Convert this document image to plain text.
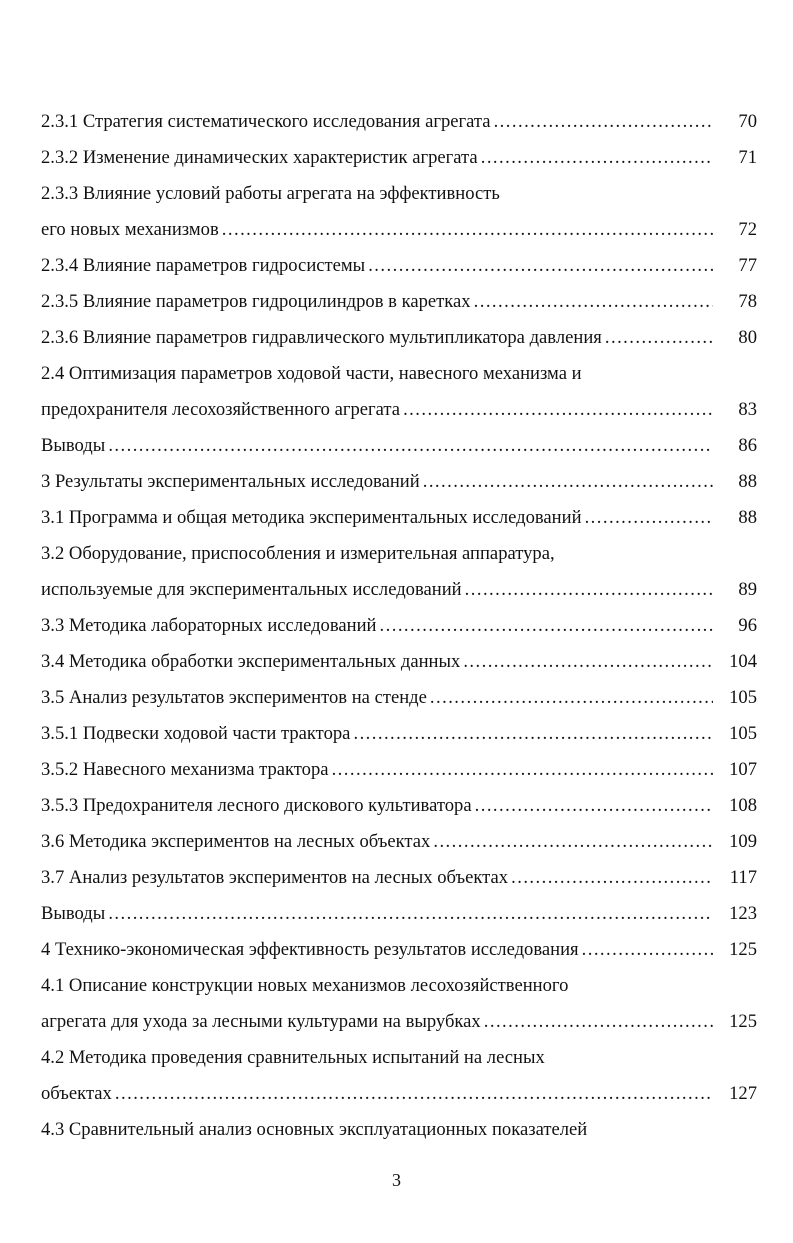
2.3.1 Стратегия систематического исследования агрегата . . .	70
2.3.2 Изменение динамических характеристик агрегата . . .	71
2.3.3 Влияние условий работы агрегата на эффективность
его новых механизмов . . .	72
2.3.4 Влияние параметров гидросистемы . . .	77
2.3.5 Влияние параметров гидроцилиндров в каретках . . .	78
2.3.6 Влияние параметров гидравлического мультипликатора давления . . .	80
2.4 Оптимизация параметров ходовой части, навесного механизма и
предохранителя лесохозяйственного агрегата . . .	83
Выводы . . .	86
3 Результаты экспериментальных исследований . . .	88
3.1 Программа и общая методика экспериментальных исследований . . .	88
3.2 Оборудование, приспособления и измерительная аппаратура,
используемые для экспериментальных исследований . . .	89
3.3 Методика лабораторных исследований . . .	96
3.4 Методика обработки экспериментальных данных . . .	104
3.5 Анализ результатов экспериментов на стенде . . .	105
3.5.1 Подвески ходовой части трактора . . .	105
3.5.2 Навесного механизма трактора . . .	107
3.5.3 Предохранителя лесного дискового культиватора . . .	108
3.6 Методика экспериментов на лесных объектах . . .	109
3.7 Анализ результатов экспериментов на лесных объектах . . .	117
Выводы . . .	123
4 Технико-экономическая эффективность результатов исследования . . .	125
4.1 Описание конструкции новых механизмов лесохозяйственного
агрегата для ухода за лесными культурами на вырубках . . .	125
4.2 Методика проведения сравнительных испытаний на лесных
объектах . . .	127
4.3 Сравнительный анализ основных эксплуатационных показателей
3
